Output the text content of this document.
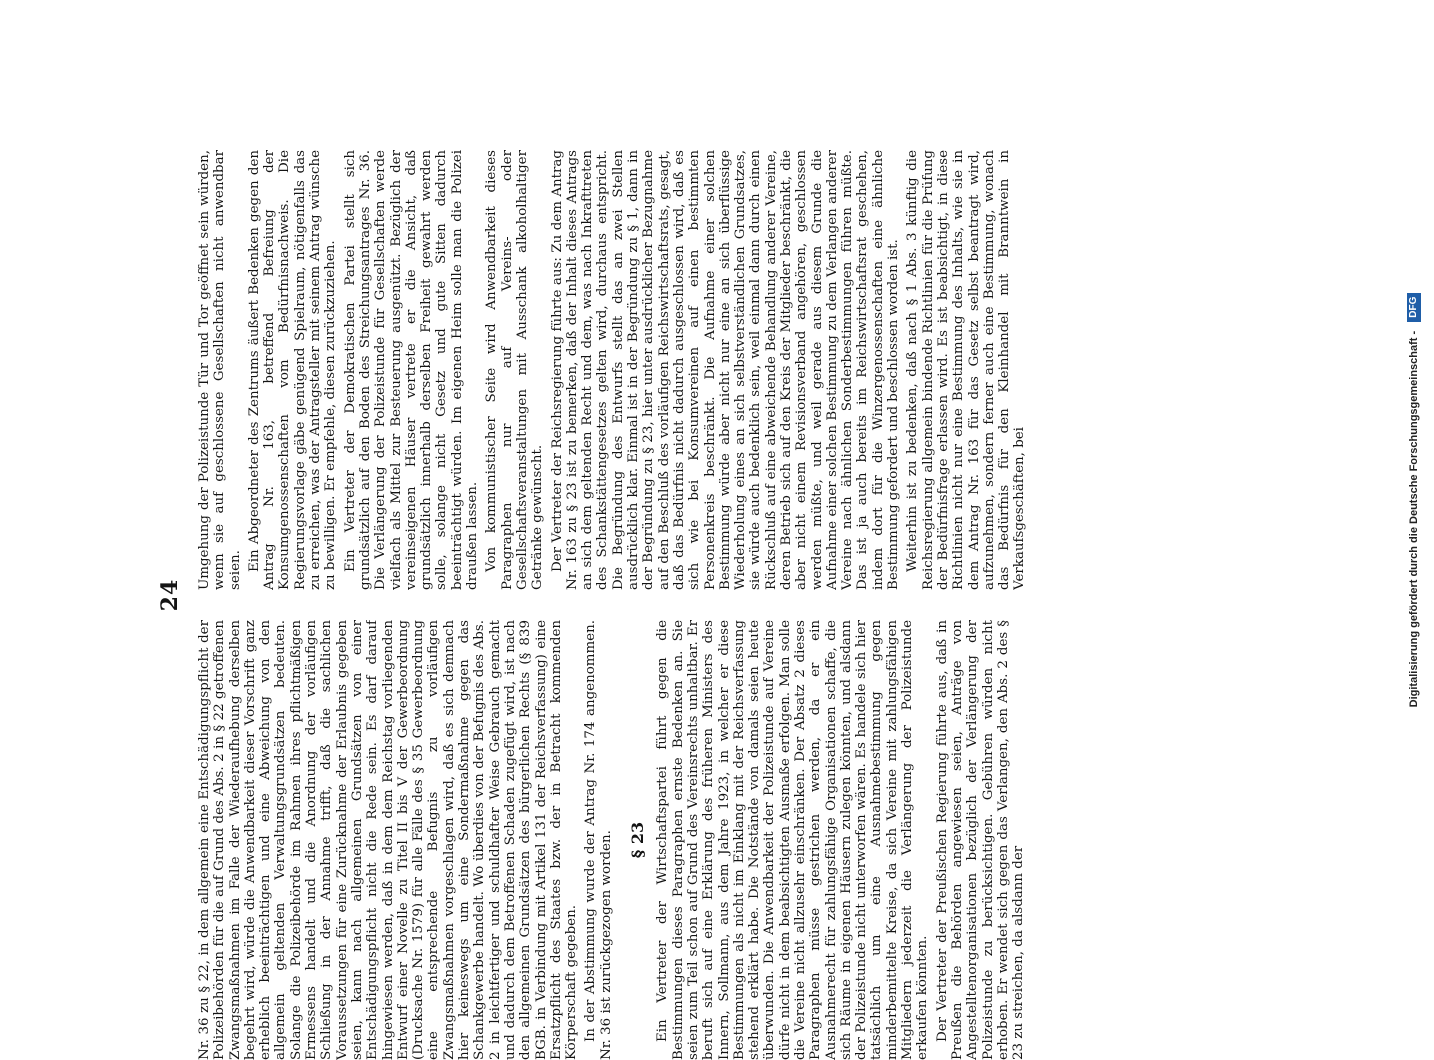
24

Nr. 36 zu § 22, in dem allgemein eine Entschädigungspflicht der Polizeibehörden für die auf Grund des Abs. 2 in § 22 getroffenen Zwangsmaßnahmen im Falle der Wiederaufhebung derselben begehrt wird, würde die Anwendbarkeit dieser Vorschrift ganz erheblich beeinträchtigen und eine Abweichung von den allgemein geltenden Verwaltungsgrundsätzen bedeuten. Solange die Polizeibehörde im Rahmen ihres pflichtmäßigen Ermessens handelt und die Anordnung der vorläufigen Schließung in der Annahme trifft, daß die sachlichen Voraussetzungen für eine Zurücknahme der Erlaubnis gegeben seien, kann nach allgemeinen Grundsätzen von einer Entschädigungspflicht nicht die Rede sein. Es darf darauf hingewiesen werden, daß in dem dem Reichstag vorliegenden Entwurf einer Novelle zu Titel II bis V der Gewerbeordnung (Drucksache Nr. 1579) für alle Fälle des § 35 Gewerbeordnung eine entsprechende Befugnis zu vorläufigen Zwangsmaßnahmen vorgeschlagen wird, daß es sich demnach hier keineswegs um eine Sondermaßnahme gegen das Schankgewerbe handelt. Wo überdies von der Befugnis des Abs. 2 in leichtfertiger und schuldhafter Weise Gebrauch gemacht und dadurch dem Betroffenen Schaden zugefügt wird, ist nach den allgemeinen Grundsätzen des bürgerlichen Rechts (§ 839 BGB. in Verbindung mit Artikel 131 der Reichsverfassung) eine Ersatzpflicht des Staates bzw. der in Betracht kommenden Körperschaft gegeben. In der Abstimmung wurde der Antrag Nr. 174 angenommen. Nr. 36 ist zurückgezogen worden. § 23 Ein Vertreter der Wirtschaftspartei führt gegen die Bestimmungen dieses Paragraphen ernste Bedenken an. Sie seien zum Teil schon auf Grund des Vereinsrechts unhaltbar. Er beruft sich auf eine Erklärung des früheren Ministers des Innern, Sollmann, aus dem Jahre 1923, in welcher er diese Bestimmungen als nicht im Einklang mit der Reichsverfassung stehend erklärt habe. Die Notstände von damals seien heute überwunden. Die Anwendbarkeit der Polizeistunde auf Vereine dürfe nicht in dem beabsichtigten Ausmaße erfolgen. Man solle die Vereine nicht allzusehr einschränken. Der Absatz 2 dieses Paragraphen müsse gestrichen werden, da er ein Ausnahmerecht für zahlungsfähige Organisationen schaffe, die sich Räume in eigenen Häusern zulegen könnten, und alsdann der Polizeistunde nicht unterworfen wären. Es handele sich hier tatsächlich um eine Ausnahmebestimmung gegen minderbemittelte Kreise, da sich Vereine mit zahlungsfähigen Mitgliedern jederzeit die Verlängerung der Polizeistunde erkaufen könnten. Der Vertreter der Preußischen Regierung führte aus, daß in Preußen die Behörden angewiesen seien, Anträge von Angestelltenorganisationen bezüglich der Verlängerung der Polizeistunde zu berücksichtigen. Gebühren würden nicht erhoben. Er wendet sich gegen das Verlangen, den Abs. 2 des § 23 zu streichen, da alsdann der

Umgehung der Polizeistunde Tür und Tor geöffnet sein würden, wenn sie auf geschlossene Gesellschaften nicht anwendbar seien. Ein Abgeordneter des Zentrums äußert Bedenken gegen den Antrag Nr. 163, betreffend Befreiung der Konsumgenossenschaften vom Bedürfnisnachweis. Die Regierungsvorlage gäbe genügend Spielraum, nötigenfalls das zu erreichen, was der Antragsteller mit seinem Antrag wünsche zu bewilligen. Er empfehle, diesen zurückzuziehen. Ein Vertreter der Demokratischen Partei stellt sich grundsätzlich auf den Boden des Streichungsantrages Nr. 36. Die Verlängerung der Polizeistunde für Gesellschaften werde vielfach als Mittel zur Besteuerung ausgenützt. Bezüglich der vereinseigenen Häuser vertrete er die Ansicht, daß grundsätzlich innerhalb derselben Freiheit gewahrt werden solle, solange nicht Gesetz und gute Sitten dadurch beeinträchtigt würden. Im eigenen Heim solle man die Polizei draußen lassen. Von kommunistischer Seite wird Anwendbarkeit dieses Paragraphen nur auf Vereins- oder Gesellschaftsveranstaltungen mit Ausschank alkoholhaltiger Getränke gewünscht. Der Vertreter der Reichsregierung führte aus: Zu dem Antrag Nr. 163 zu § 23 ist zu bemerken, daß der Inhalt dieses Antrags an sich dem geltenden Recht und dem, was nach Inkrafttreten des Schankstättengesetzes gelten wird, durchaus entspricht. Die Begründung des Entwurfs stellt das an zwei Stellen ausdrücklich klar. Einmal ist in der Begründung zu § 1, dann in der Begründung zu § 23, hier unter ausdrücklicher Bezugnahme auf den Beschluß des vorläufigen Reichswirtschaftsrats, gesagt, daß das Bedürfnis nicht dadurch ausgeschlossen wird, daß es sich wie bei Konsumvereinen auf einen bestimmten Personenkreis beschränkt. Die Aufnahme einer solchen Bestimmung würde aber nicht nur eine an sich überflüssige Wiederholung eines an sich selbstverständlichen Grundsatzes, sie würde auch bedenklich sein, weil einmal dann durch einen Rückschluß auf eine abweichende Behandlung anderer Vereine, deren Betrieb sich auf den Kreis der Mitglieder beschränkt, die aber nicht einem Revisionsverband angehören, geschlossen werden müßte, und weil gerade aus diesem Grunde die Aufnahme einer solchen Bestimmung zu dem Verlangen anderer Vereine nach ähnlichen Sonderbestimmungen führen müßte. Das ist ja auch bereits im Reichswirtschaftsrat geschehen, indem dort für die Winzergenossenschaften eine ähnliche Bestimmung gefordert und beschlossen worden ist. Weiterhin ist zu bedenken, daß nach § 1 Abs. 3 künftig die Reichsregierung allgemein bindende Richtlinien für die Prüfung der Bedürfnisfrage erlassen wird. Es ist beabsichtigt, in diese Richtlinien nicht nur eine Bestimmung des Inhalts, wie sie in dem Antrag Nr. 163 für das Gesetz selbst beantragt wird, aufzunehmen, sondern ferner auch eine Bestimmung, wonach das Bedürfnis für den Kleinhandel mit Branntwein in Verkaufsgeschäften, bei	Digitalisierung gefördert durch die Deutsche Forschungsgemeinschaft - DFG
